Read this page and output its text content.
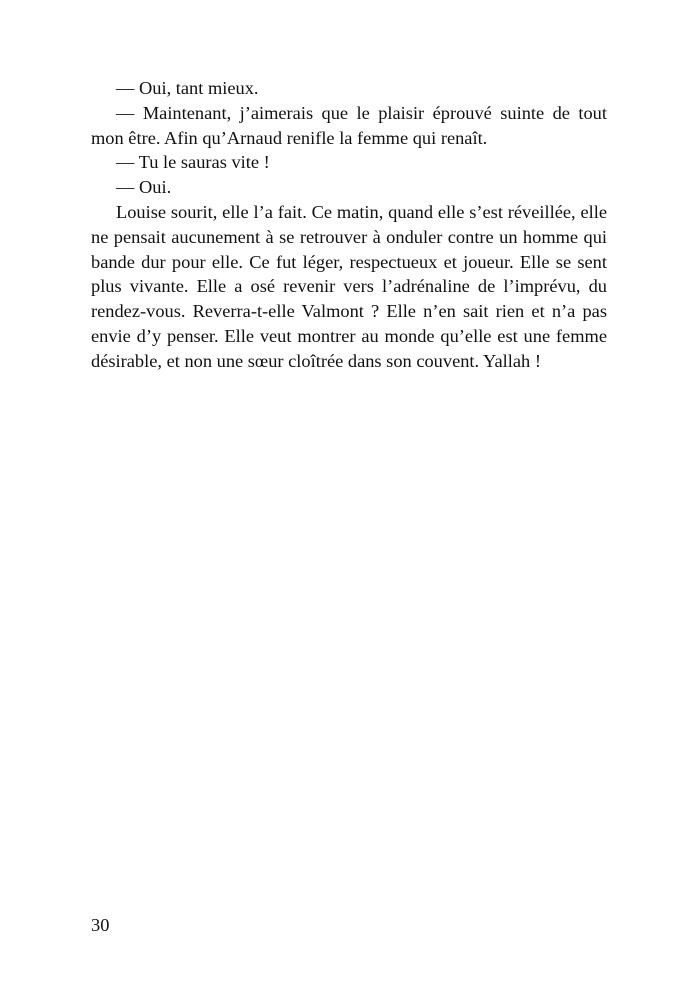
— Oui, tant mieux.

— Maintenant, j’aimerais que le plaisir éprouvé suinte de tout mon être. Afin qu’Arnaud renifle la femme qui renaît.

— Tu le sauras vite !

— Oui.

Louise sourit, elle l’a fait. Ce matin, quand elle s’est réveillée, elle ne pensait aucunement à se retrouver à onduler contre un homme qui bande dur pour elle. Ce fut léger, respectueux et joueur. Elle se sent plus vivante. Elle a osé revenir vers l’adrénaline de l’imprévu, du rendez-vous. Reverra-t-elle Valmont ? Elle n’en sait rien et n’a pas envie d’y penser. Elle veut montrer au monde qu’elle est une femme désirable, et non une sœur cloîtrée dans son couvent. Yallah !

30
